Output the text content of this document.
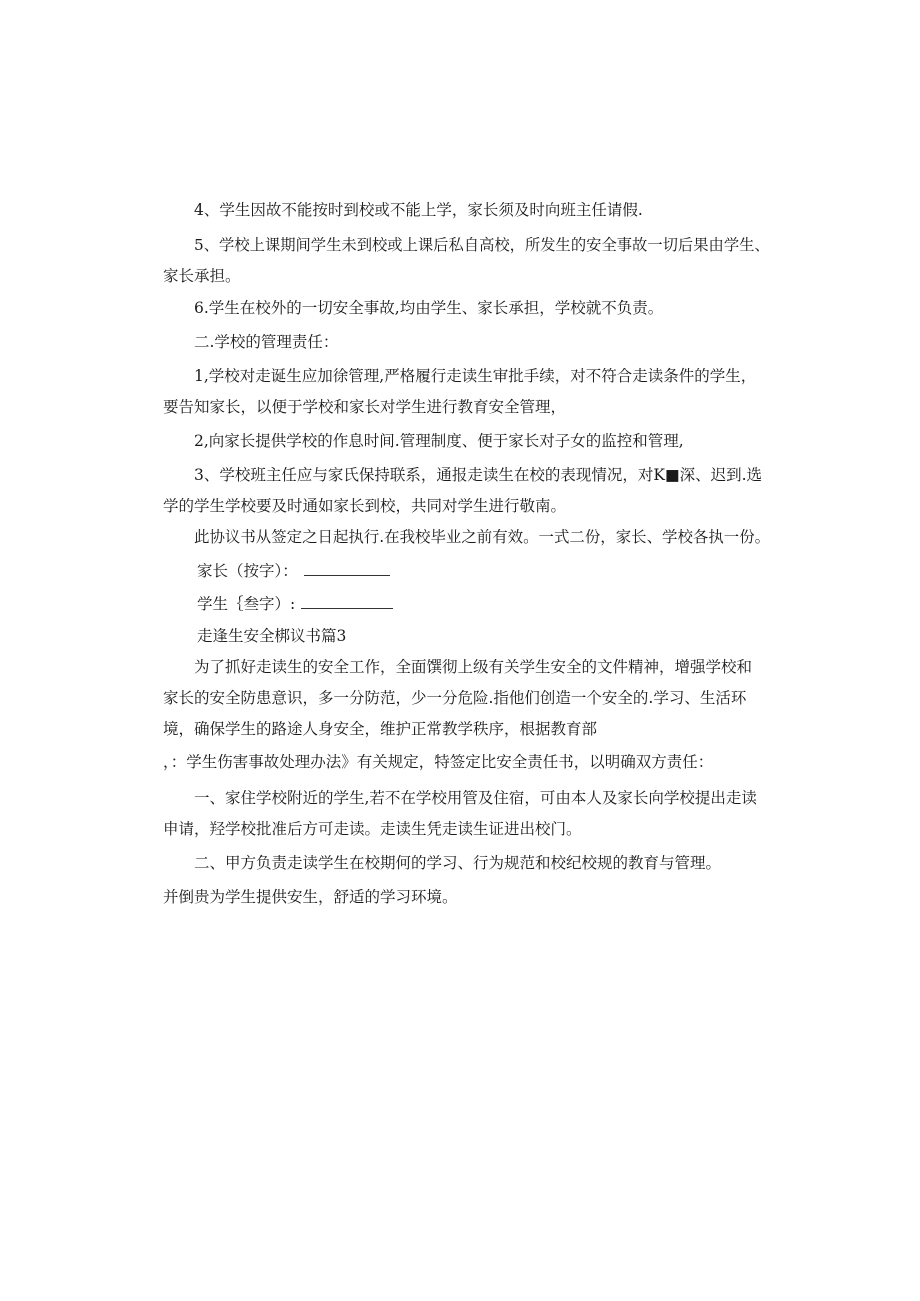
4、学生因故不能按时到校或不能上学，家长须及时向班主任请假.
5、学校上课期间学生未到校或上课后私自高校，所发生的安全事故一切后果由学生、
家长承担。
6.学生在校外的一切安全事故,均由学生、家长承担，学校就不负责。
二.学校的管理责任：
1,学校对走诞生应加徐管理,严格履行走读生审批手续，对不符合走读条件的学生，
要告知家长，以便于学校和家长对学生进行教育安全管理，
2,向家长提供学校的作息时间.管理制度、便于家长对子女的监控和管理,
3、学校班主任应与家氏保持联系，通报走读生在校的表现情况，对K■深、迟到.选
学的学生学校要及时通如家长到校，共同对学生进行敬南。
此协议书从签定之日起执行.在我校毕业之前有效。一式二份，家长、学校各执一份。
家长（按字）：
学生｛叁字）:
走逢生安全梆议书篇3
为了抓好走读生的安全工作，全面馔彻上级有关学生安全的文件精神，增强学校和
家长的安全防患意识，多一分防范，少一分危险.指他们创造一个安全的.学习、生活环
境，确保学生的路途人身安全，维护正常教学秩序，根据教育部
，：学生伤害事故处理办法》有关规定，特签定比安全责任书，以明确双方责任：
一、家住学校附近的学生,若不在学校用管及住宿，可由本人及家长向学校提出走读
申请，羟学校批准后方可走读。走读生凭走读生证进出校门。
二、甲方负责走读学生在校期何的学习、行为规范和校纪校规的教育与管理。
并倒贵为学生提供安生，舒适的学习环境。
